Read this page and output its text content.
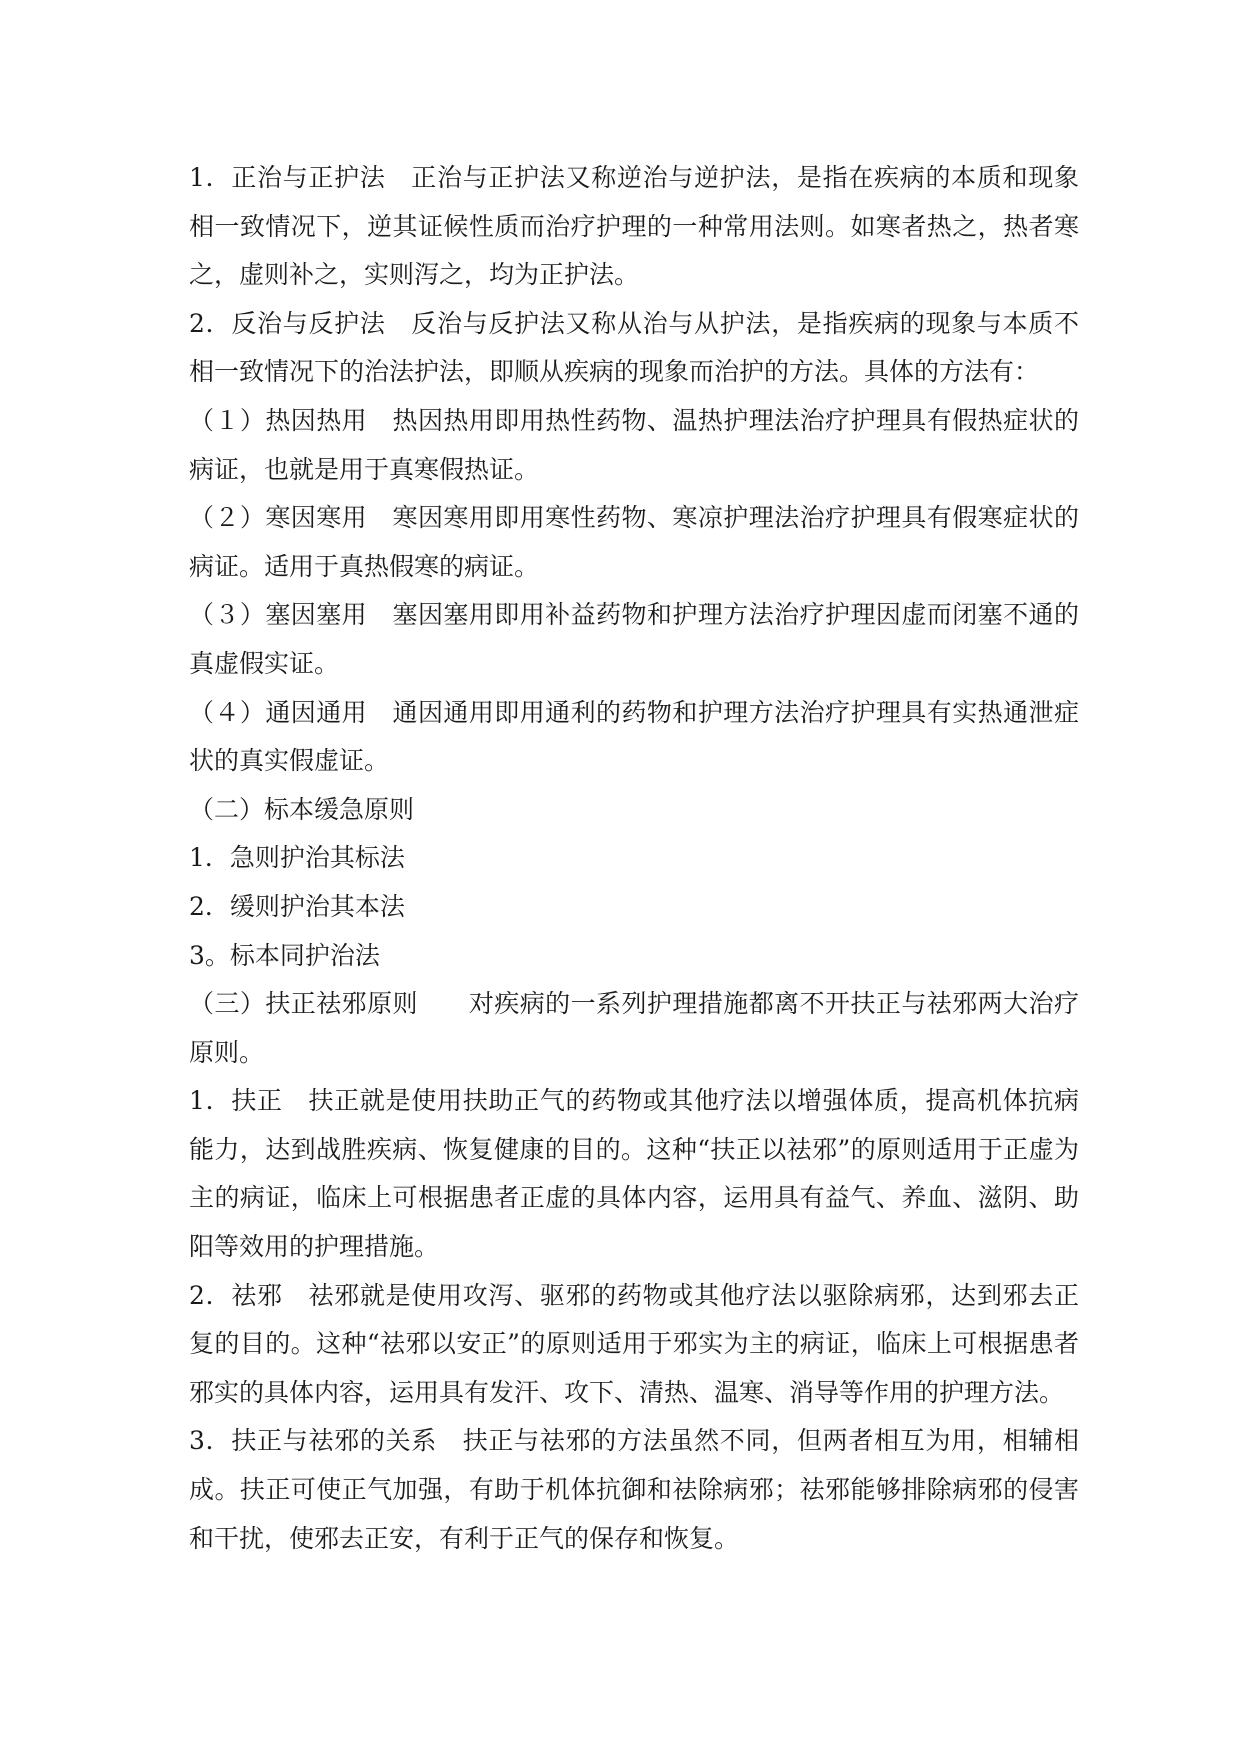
1．正治与正护法　正治与正护法又称逆治与逆护法，是指在疾病的本质和现象相一致情况下，逆其证候性质而治疗护理的一种常用法则。如寒者热之，热者寒之，虚则补之，实则泻之，均为正护法。

2．反治与反护法　反治与反护法又称从治与从护法，是指疾病的现象与本质不相一致情况下的治法护法，即顺从疾病的现象而治护的方法。具体的方法有：

（１）热因热用　热因热用即用热性药物、温热护理法治疗护理具有假热症状的病证，也就是用于真寒假热证。

（２）寒因寒用　寒因寒用即用寒性药物、寒凉护理法治疗护理具有假寒症状的病证。适用于真热假寒的病证。

（３）塞因塞用　塞因塞用即用补益药物和护理方法治疗护理因虚而闭塞不通的真虚假实证。

（４）通因通用　通因通用即用通利的药物和护理方法治疗护理具有实热通泄症状的真实假虚证。

（二）标本缓急原则

1．急则护治其标法

2．缓则护治其本法

3。标本同护治法

（三）扶正祛邪原则　　对疾病的一系列护理措施都离不开扶正与祛邪两大治疗原则。

1．扶正　扶正就是使用扶助正气的药物或其他疗法以增强体质，提高机体抗病能力，达到战胜疾病、恢复健康的目的。这种“扶正以祛邪”的原则适用于正虚为主的病证，临床上可根据患者正虚的具体内容，运用具有益气、养血、滋阴、助阳等效用的护理措施。

2．祛邪　祛邪就是使用攻泻、驱邪的药物或其他疗法以驱除病邪，达到邪去正复的目的。这种“祛邪以安正”的原则适用于邪实为主的病证，临床上可根据患者邪实的具体内容，运用具有发汗、攻下、清热、温寒、消导等作用的护理方法。

3．扶正与祛邪的关系　扶正与祛邪的方法虽然不同，但两者相互为用，相辅相成。扶正可使正气加强，有助于机体抗御和祛除病邪；祛邪能够排除病邪的侵害和干扰，使邪去正安，有利于正气的保存和恢复。
